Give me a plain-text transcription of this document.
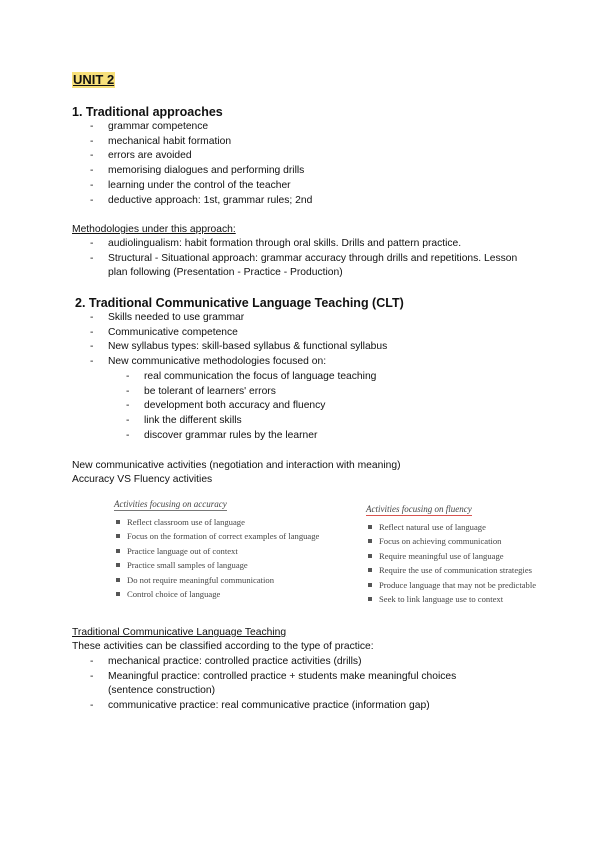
UNIT 2
1. Traditional approaches
- grammar competence
- mechanical habit formation
- errors are avoided
- memorising dialogues and performing drills
- learning under the control of the teacher
- deductive approach: 1st, grammar rules; 2nd
Methodologies under this approach:
- audiolingualism: habit formation through oral skills. Drills and pattern practice.
- Structural - Situational approach: grammar accuracy through drills and repetitions. Lesson plan following (Presentation - Practice - Production)
2. Traditional Communicative Language Teaching (CLT)
- Skills needed to use grammar
- Communicative competence
- New syllabus types: skill-based syllabus & functional syllabus
- New communicative methodologies focused on:
- real communication the focus of language teaching
- be tolerant of learners' errors
- development both accuracy and fluency
- link the different skills
- discover grammar rules by the learner
New communicative activities (negotiation and interaction with meaning)
Accuracy VS Fluency activities
Activities focusing on accuracy
Reflect classroom use of language
Focus on the formation of correct examples of language
Practice language out of context
Practice small samples of language
Do not require meaningful communication
Control choice of language
Activities focusing on fluency
Reflect natural use of language
Focus on achieving communication
Require meaningful use of language
Require the use of communication strategies
Produce language that may not be predictable
Seek to link language use to context
Traditional Communicative Language Teaching
These activities can be classified according to the type of practice:
- mechanical practice: controlled practice activities (drills)
- Meaningful practice: controlled practice + students make meaningful choices (sentence construction)
- communicative practice: real communicative practice (information gap)
